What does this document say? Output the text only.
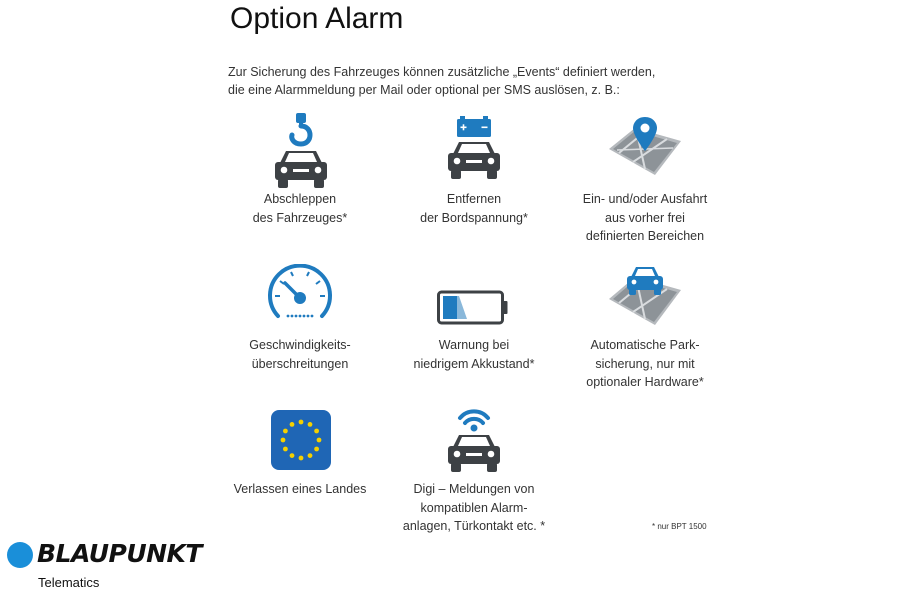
Option Alarm
Zur Sicherung des Fahrzeuges können zusätzliche „Events“ definiert werden,
die eine Alarmmeldung per Mail oder optional per SMS auslösen, z. B.:
Abschleppen
des Fahrzeuges*
Entfernen
der Bordspannung*
Ein- und/oder Ausfahrt
aus vorher frei
definierten Bereichen
Geschwindigkeits-
überschreitungen
Warnung bei
niedrigem Akkustand*
Automatische Park-
sicherung, nur mit
optionaler Hardware*
Verlassen eines Landes	Digi – Meldungen von
kompatiblen Alarm-
anlagen, Türkontakt etc. *	* nur BPT 1500
BLAUPUNKT
Telematics
